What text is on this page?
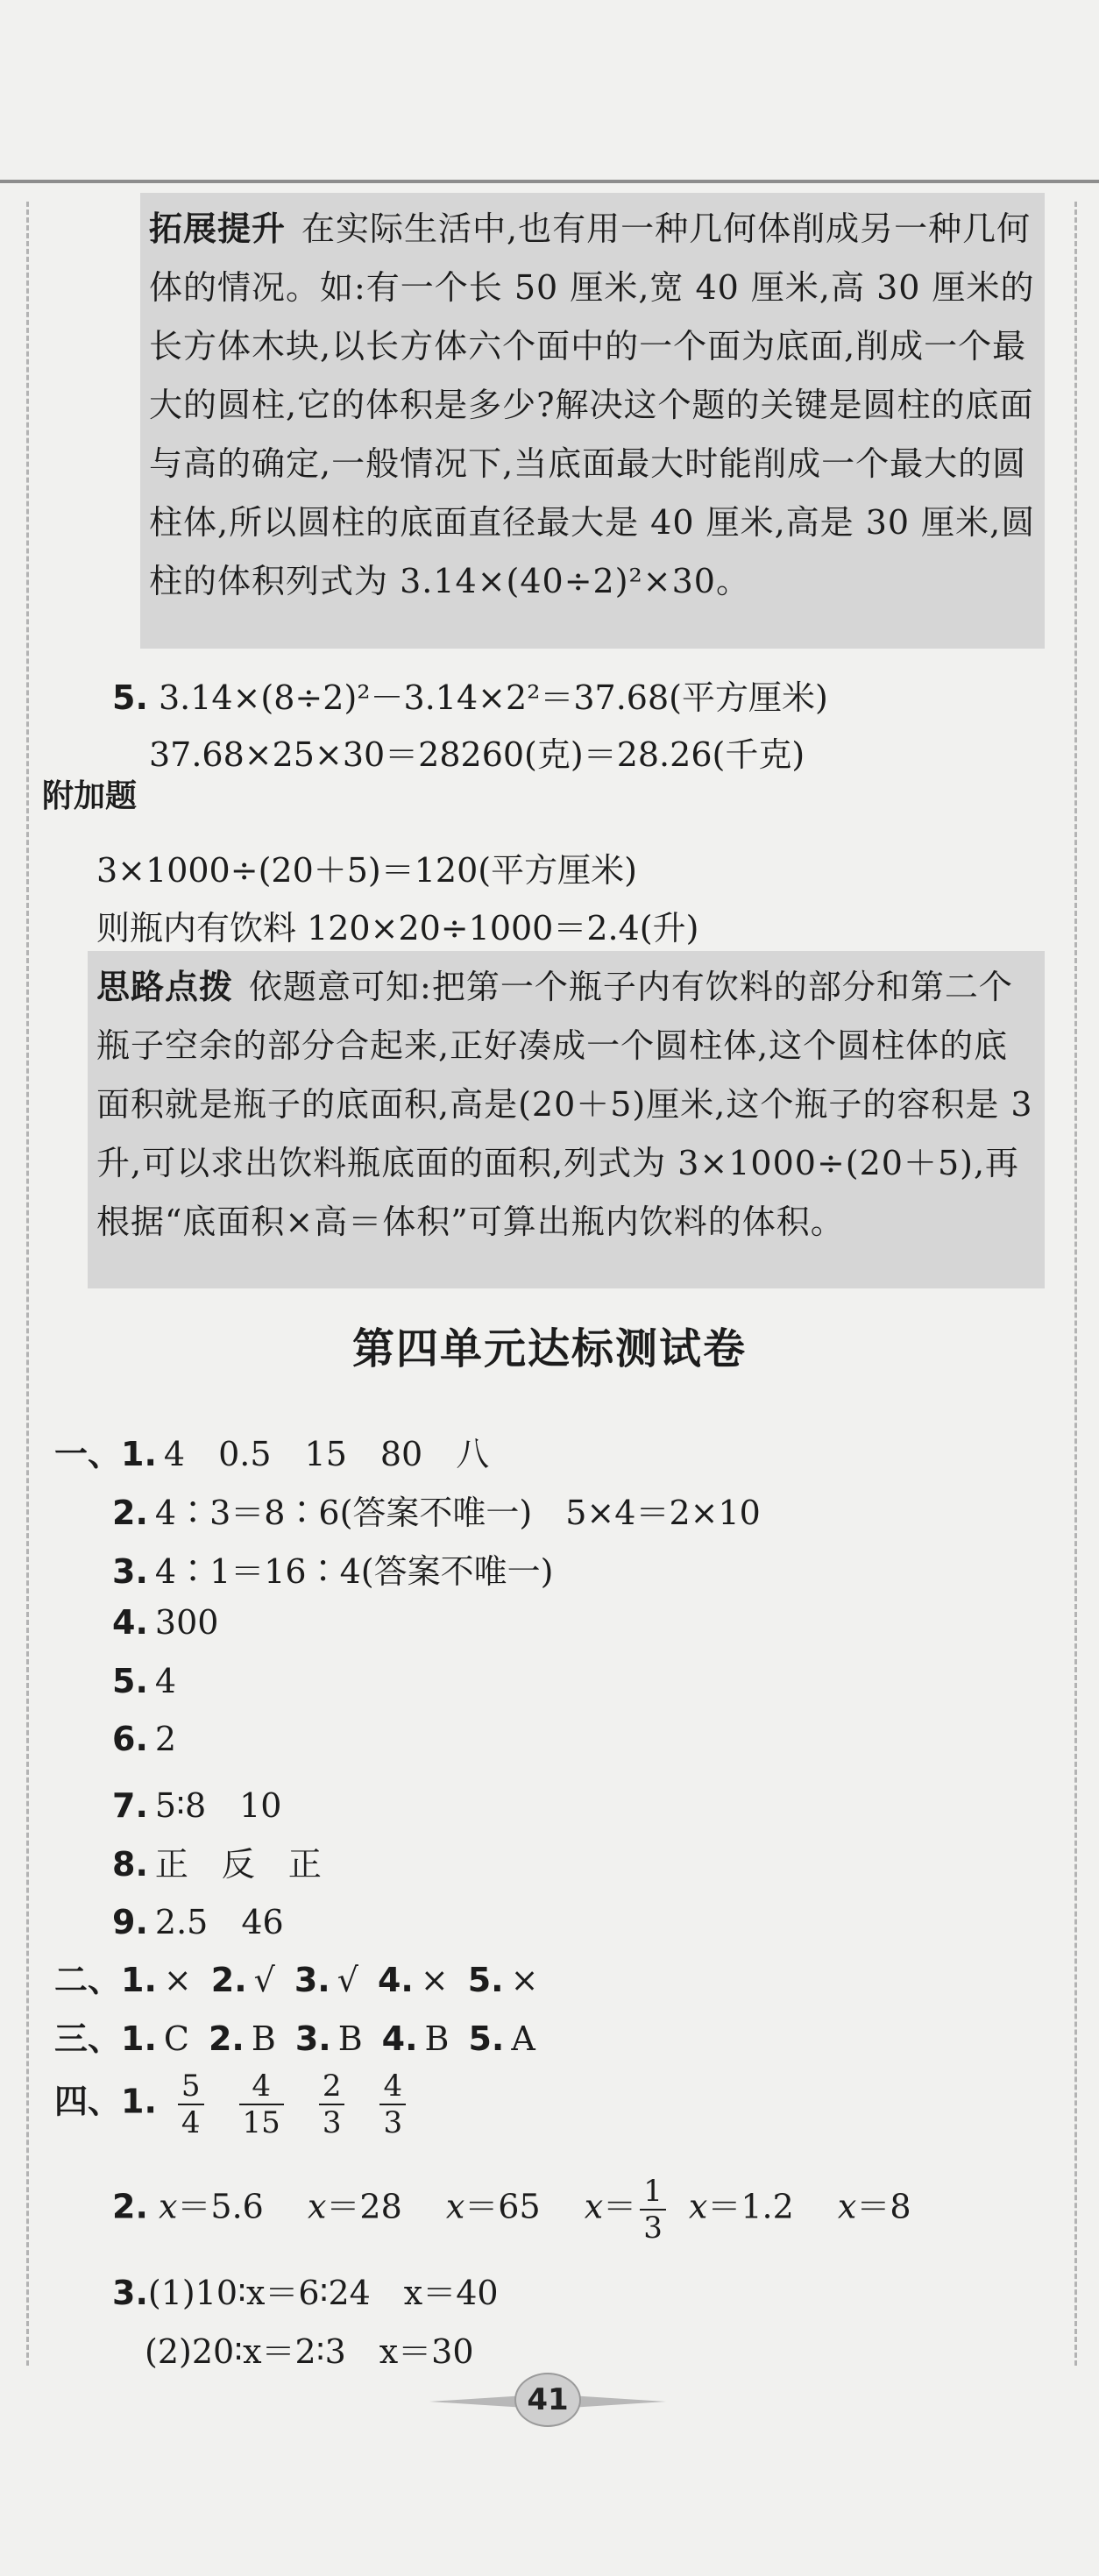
拓展提升 在实际生活中,也有用一种几何体削成另一种几何体的情况。如:有一个长 50 厘米,宽 40 厘米,高 30 厘米的长方体木块,以长方体六个面中的一个面为底面,削成一个最大的圆柱,它的体积是多少?解决这个题的关键是圆柱的底面与高的确定,一般情况下,当底面最大时能削成一个最大的圆柱体,所以圆柱的底面直径最大是 40 厘米,高是 30 厘米,圆柱的体积列式为 3.14×(40÷2)²×30。
5. 3.14×(8÷2)²－3.14×2²＝37.68(平方厘米)
37.68×25×30＝28260(克)＝28.26(千克)
附加题
3×1000÷(20＋5)＝120(平方厘米)
则瓶内有饮料 120×20÷1000＝2.4(升)
思路点拨 依题意可知:把第一个瓶子内有饮料的部分和第二个瓶子空余的部分合起来,正好凑成一个圆柱体,这个圆柱体的底面积就是瓶子的底面积,高是(20＋5)厘米,这个瓶子的容积是 3 升,可以求出饮料瓶底面的面积,列式为 3×1000÷(20＋5),再根据“底面积×高＝体积”可算出瓶内饮料的体积。
第四单元达标测试卷
一、1. 4　0.5　15　80　八
2. 4∶3＝8∶6(答案不唯一)　5×4＝2×10
3. 4∶1＝16∶4(答案不唯一)
4. 300
5. 4
6. 2
7. 5∶8　10
8. 正　反　正
9. 2.5　46
二、1. × 2. √ 3. √ 4. × 5. ×
三、1. C 2. B 3. B 4. B 5. A
四、1. $\frac{5}{4} \frac{4}{15} \frac{2}{3} \frac{4}{3}$
2. x＝5.6　 x＝28　 x＝65　 $x= \frac{1}{3} x=1.2$　 x＝8
3.(1)10∶x＝6∶24　x＝40
(2)20∶x＝2∶3　x＝30
41
